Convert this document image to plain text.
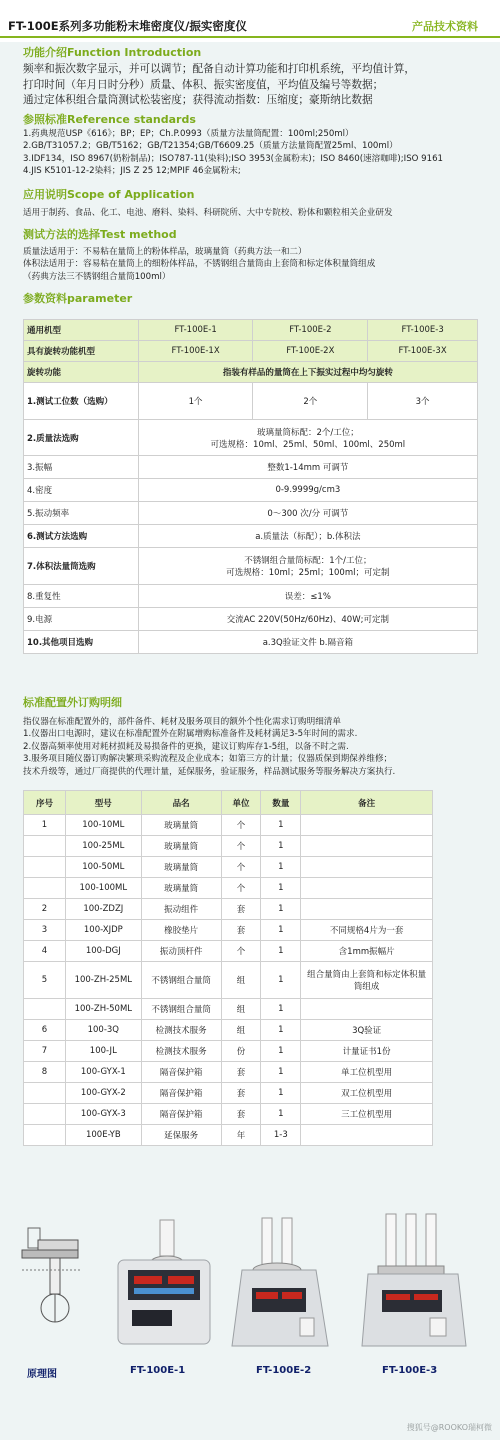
FT-100E系列多功能粉末堆密度仪/振实密度仪	产品技术资料
功能介绍Function Introduction
频率和振次数字显示，并可以调节；配备自动计算功能和打印机系统，平均值计算，
打印时间（年月日时分秒）质量、体积、振实密度值，平均值及编号等数据；
通过定体积组合量筒测试松装密度；获得流动指数：压缩度；豪斯纳比数据
参照标准Reference standards
1.药典规范USP《616》；BP；EP；Ch.P.0993（质量方法量筒配置：100ml;250ml）
2.GB/T31057.2；GB/T5162；GB/T21354;GB/T6609.25（质量方法量筒配置25ml、100ml）
3.IDF134，ISO 8967(奶粉制品)；ISO787-11(染料);ISO 3953(金属粉末)；ISO 8460(速溶咖啡);ISO 9161
4.JIS K5101-12-2染料；JIS Z 25 12;MPIF 46金属粉末;
应用说明Scope of Application
适用于制药、食品、化工、电池、磨料、染料、科研院所、大中专院校、粉体和颗粒相关企业研发
测试方法的选择Test method
质量法适用于：不易粘在量筒上的粉体样品，玻璃量筒（药典方法一和二）
体积法适用于：容易粘在量筒上的细粉体样品，不锈钢组合量筒由上套筒和标定体积量筒组成
（药典方法三不锈钢组合量筒100ml）
参数资料parameter
通用机型	FT-100E-1	FT-100E-2	FT-100E-3
具有旋转功能机型	FT-100E-1X	FT-100E-2X	FT-100E-3X
旋转功能	指装有样品的量筒在上下振实过程中均匀旋转		
1.测试工位数（选购）	1个	2个	3个
2.质量法选购	玻璃量筒标配：2个/工位；
可选规格：10ml、25ml、50ml、100ml、250ml		

3.振幅	整数1-14mm 可调节		
4.密度	0-9.9999g/cm3		
5.振动频率	0～300 次/分 可调节		
6.测试方法选购	a.质量法（标配）；b.体积法		
7.体积法量筒选购	不锈钢组合量筒标配：1个/工位；
可选规格：10ml；25ml；100ml；可定制		

8.重复性	误差：≤1%		
9.电源	交流AC 220V(50Hz/60Hz)、40W;可定制		
10.其他项目选购	a.3Q验证文件 b.隔音箱		
标准配置外订购明细
指仪器在标准配置外的，部件备件、耗材及服务项目的额外个性化需求订购明细清单
1.仪器出口电源时，建议在标准配置外在附属增购标准备件及耗材满足3-5年时间的需求.
2.仪器高频率使用对耗材损耗及易损备件的更换，建议订购库存1-5组，以备不时之需.
3.服务项目随仪器订购解决繁琐采购流程及企业成本；如第三方的计量；仪器质保到期保养维修；
技术升级等，通过厂商提供的代理计量，延保服务，验证服务，样品测试服务等服务解决方案执行.
序号	型号	品名	单位	数量	备注
1	100-10ML	玻璃量筒	个	1	
	100-25ML	玻璃量筒	个	1	
	100-50ML	玻璃量筒	个	1	
	100-100ML	玻璃量筒	个	1	
2	100-ZDZJ	振动组件	套	1	
3	100-XJDP	橡胶垫片	套	1	不同规格4片为一套
4	100-DGJ	振动顶杆件	个	1	含1mm振幅片
5	100-ZH-25ML	不锈钢组合量筒	组	1	组合量筒由上套筒和标定体积量筒组成
	100-ZH-50ML	不锈钢组合量筒	组	1	
6	100-3Q	检测技术服务	组	1	3Q验证
7	100-JL	检测技术服务	份	1	计量证书1份
8	100-GYX-1	隔音保护箱	套	1	单工位机型用
	100-GYX-2	隔音保护箱	套	1	双工位机型用
	100-GYX-3	隔音保护箱	套	1	三工位机型用
	100E-YB	延保服务	年	1-3	
原理图	FT-100E-1	FT-100E-2	FT-100E-3
搜狐号@ROOKO瑞柯微
